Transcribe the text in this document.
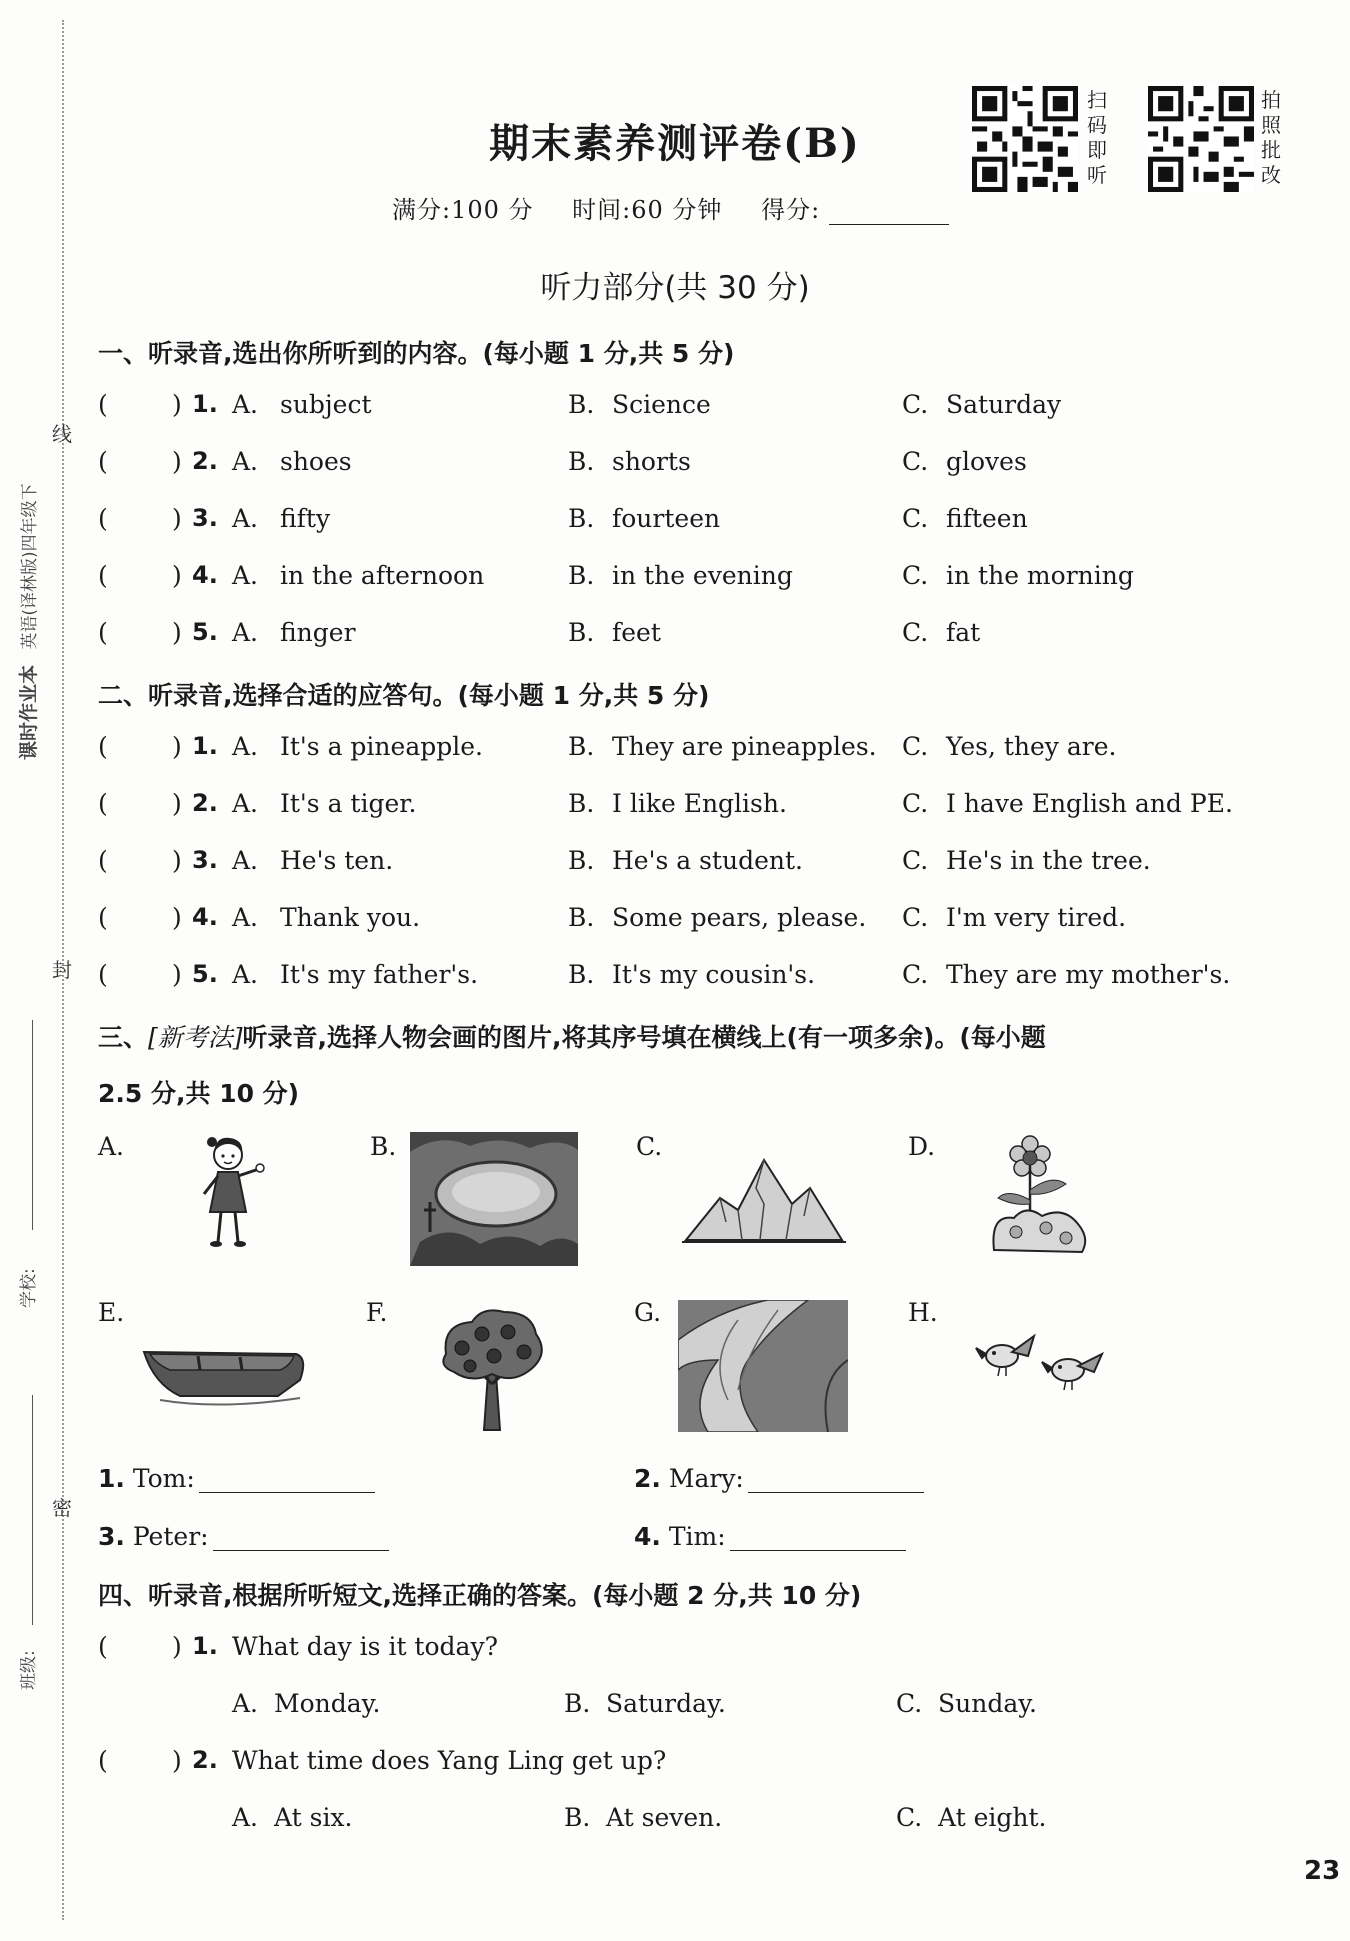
课时作业本 英语(译林版)四年级下
线
封
密
学校:
班级:
期末素养测评卷(B)
满分:100 分 时间:60 分钟 得分:
扫
码
即
听
拍
照
批
改
听力部分(共 30 分)
一、听录音,选出你所听到的内容。(每小题 1 分,共 5 分)
(	) 1. A. subject	B. Science	C. Saturday
(	) 2. A. shoes	B. shorts	C. gloves
(	) 3. A. fifty	B. fourteen	C. fifteen
(	) 4. A. in the afternoon	B. in the evening	C. in the morning
(	) 5. A. finger	B. feet	C. fat
二、听录音,选择合适的应答句。(每小题 1 分,共 5 分)
(	) 1. A. It's a pineapple.	B. They are pineapples. C. Yes, they are.
(	) 2. A. It's a tiger.	B. I like English.	C. I have English and PE.
(	) 3. A. He's ten.	B. He's a student.	C. He's in the tree.
(	) 4. A. Thank you.	B. Some pears, please. C. I'm very tired.
(	) 5. A. It's my father's.	B. It's my cousin's.	C. They are my mother's.
三、[新考法]听录音,选择人物会画的图片,将其序号填在横线上(有一项多余)。(每小题
2.5 分,共 10 分)
A.	B.	C.	D.
E.	F.	G.	H.
1. Tom:	2. Mary:
3. Peter:	4. Tim:
四、听录音,根据所听短文,选择正确的答案。(每小题 2 分,共 10 分)
(	) 1. What day is it today?
A. Monday.	B. Saturday.	C. Sunday.
(	) 2. What time does Yang Ling get up?
A. At six.	B. At seven.	C. At eight.
23
